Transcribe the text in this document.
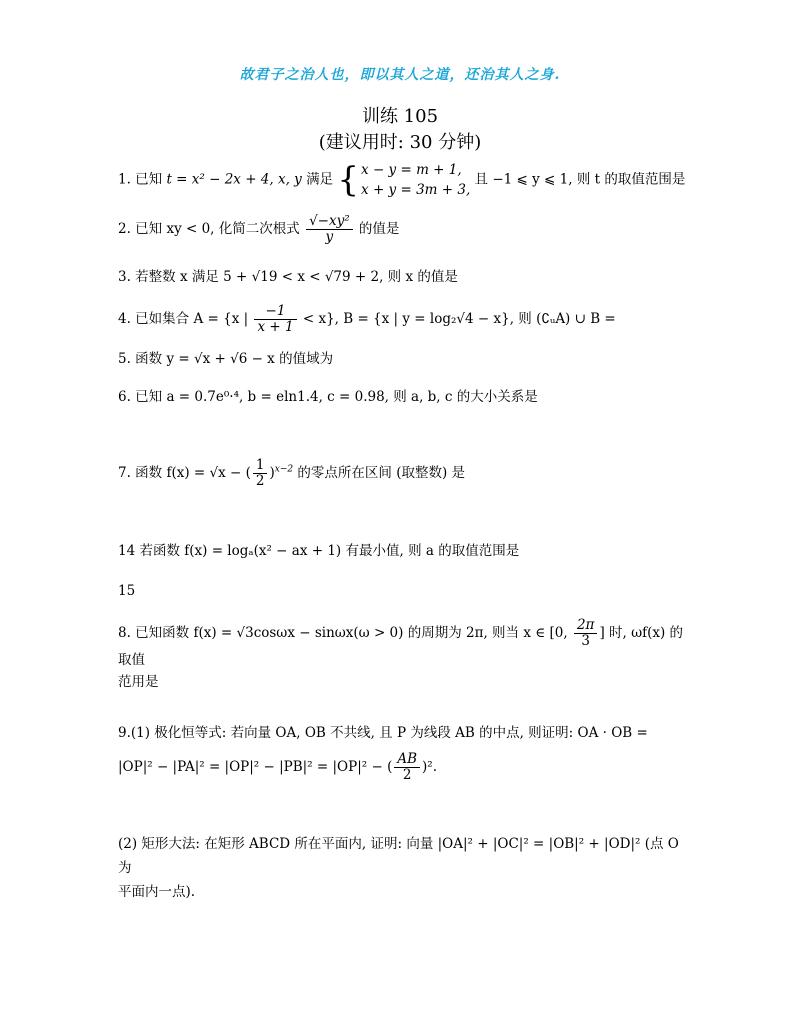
故君子之治人也，即以其人之道，还治其人之身.
训练 105
(建议用时: 30 分钟)
1. 已知 t = x² − 2x + 4, x, y 满足 { x − y = m + 1,
x + y = 3m + 3,
且 −1 ⩽ y ⩽ 1, 则 t 的取值范围是
2. 已知 xy < 0, 化简二次根式 $\frac{\text{√−xy²}}{y}$ 的值是
3. 若整数 x 满足 5 + √19 < x < √79 + 2, 则 x 的值是
4. 已如集合 A = {x | $\frac{-1}{x + 1} < x$}, B = {x | y = log₂√4 − x}, 则 (∁ᵤA) ∪ B =
5. 函数 y = √x + √6 − x 的值域为
6. 已知 a = 0.7e⁰·⁴, b = eln1.4, c = 0.98, 则 a, b, c 的大小关系是
7. 函数 f(x) = √x − ( $\frac{1}{2} )^{x-2}$ 的零点所在区间 (取整数) 是
14 若函数 f(x) = logₐ(x² − ax + 1) 有最小值, 则 a 的取值范围是
15
8. 已知函数 f(x) = √3cosωx − sinωx(ω > 0) 的周期为 2π, 则当 x ∈ [0, $\frac{2\pi}{3}$ ] 时, ωf(x) 的取值
范用是
9.(1) 极化恒等式: 若向量 OA, OB 不共线, 且 P 为线段 AB 的中点, 则证明: OA · OB =
|OP|² − |PA|² = |OP|² − |PB|² = |OP|² − ( $\frac{AB}{2} )^2$.
(2) 矩形大法: 在矩形 ABCD 所在平面内, 证明: 向量 |OA|² + |OC|² = |OB|² + |OD|² (点 O 为
平面内一点).
